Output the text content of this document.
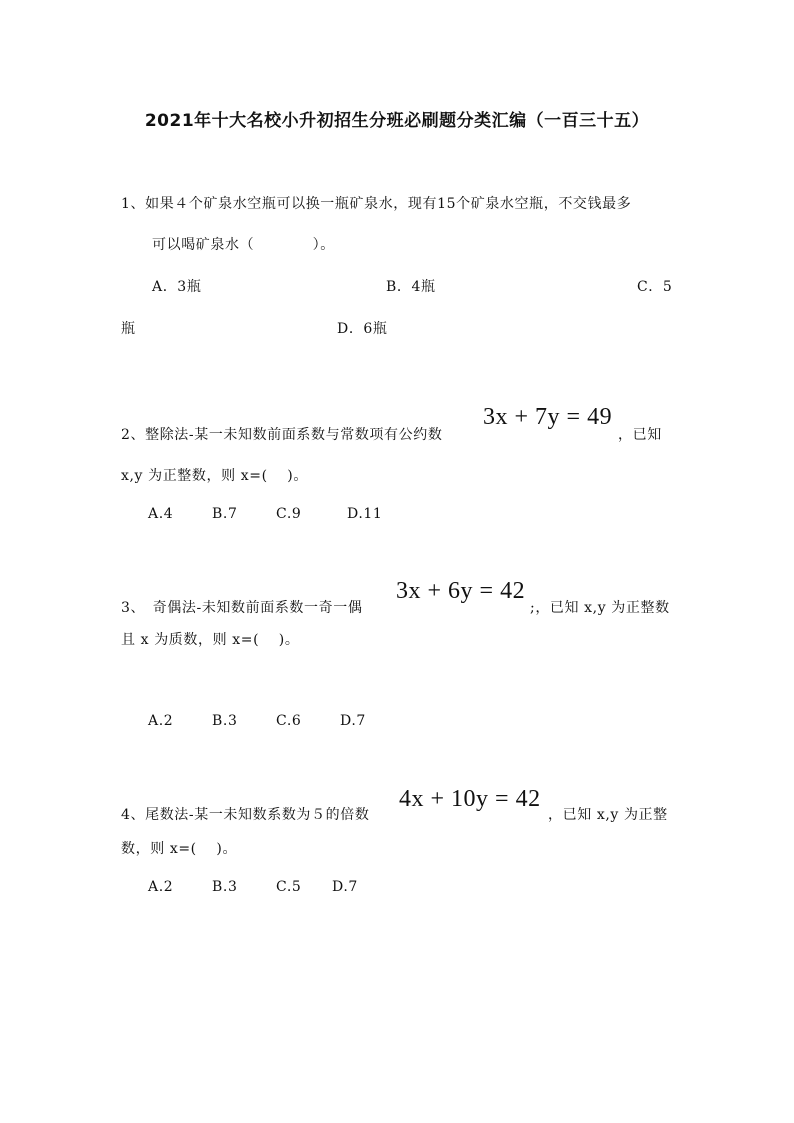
2021年十大名校小升初招生分班必刷题分类汇编（一百三十五）
1、如果４个矿泉水空瓶可以换一瓶矿泉水，现有15个矿泉水空瓶，不交钱最多
可以喝矿泉水（　　　　）。
A．3瓶	B．4瓶	C．5
瓶	D．6瓶
2、整除法-某一未知数前面系数与常数项有公约数
3x + 7y = 49
，已知
x,y 为正整数，则 x=(　 )。
A.4	B.7	C.9	D.11
3、　奇偶法-未知数前面系数一奇一偶
3x + 6y = 42
;，已知 x,y 为正整数
且 x 为质数，则 x=(　 )。
A.2	B.3	C.6	D.7
4、尾数法-某一未知数系数为５的倍数
4x + 10y = 42
，已知 x,y 为正整
数，则 x=(　 )。
A.2	B.3	C.5 D.7
